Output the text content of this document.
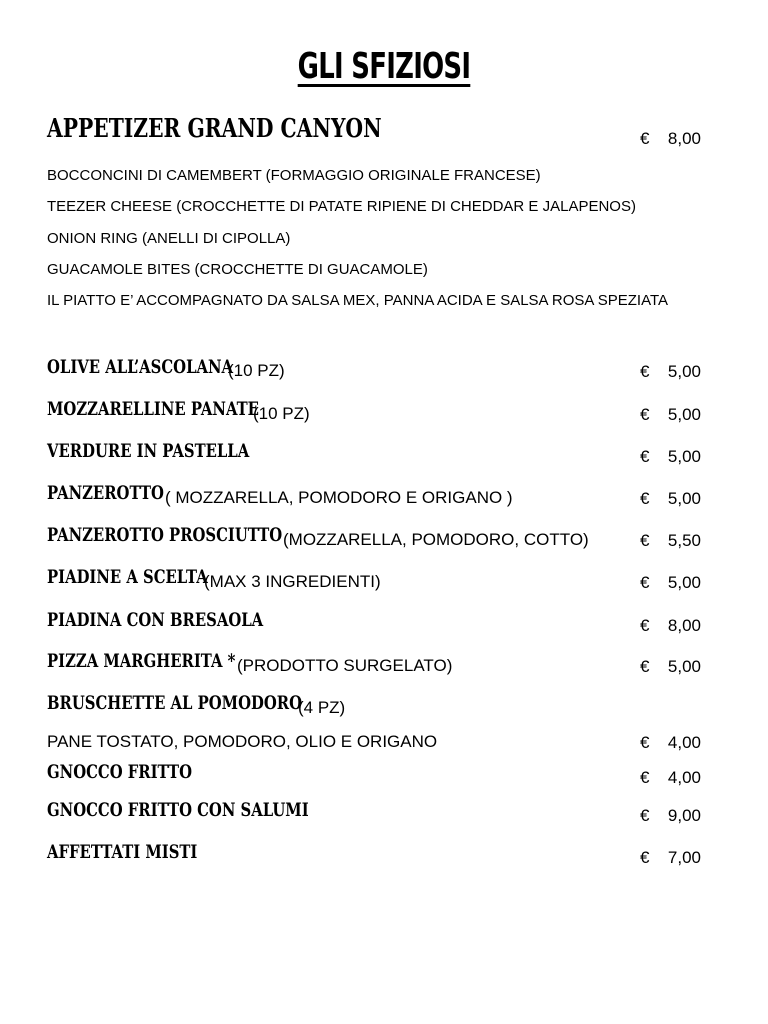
GLI SFIZIOSI
APPETIZER GRAND CANYON	€ 8,00
BOCCONCINI DI CAMEMBERT (FORMAGGIO ORIGINALE FRANCESE)
TEEZER CHEESE (CROCCHETTE DI PATATE RIPIENE DI CHEDDAR E JALAPENOS)
ONION RING (ANELLI DI CIPOLLA)
GUACAMOLE BITES (CROCCHETTE DI GUACAMOLE)
IL PIATTO E’ ACCOMPAGNATO DA SALSA MEX, PANNA ACIDA E SALSA ROSA SPEZIATA
OLIVE ALL’ASCOLANA
(10 PZ)	€ 5,00
MOZZARELLINE PANATE
(10 PZ)	€ 5,00
VERDURE IN PASTELLA	€ 5,00
PANZEROTTO ( MOZZARELLA, POMODORO E ORIGANO )	€ 5,00
PANZEROTTO PROSCIUTTO (MOZZARELLA, POMODORO, COTTO)	€ 5,50
PIADINE A SCELTA
(MAX 3 INGREDIENTI)	€ 5,00
PIADINA CON BRESAOLA	€ 8,00
PIZZA MARGHERITA * (PRODOTTO SURGELATO)	€ 5,00
BRUSCHETTE AL POMODORO
(4 PZ)
PANE TOSTATO, POMODORO, OLIO E ORIGANO	€ 4,00
GNOCCO FRITTO	€ 4,00
GNOCCO FRITTO CON SALUMI	€ 9,00
AFFETTATI MISTI	€ 7,00
